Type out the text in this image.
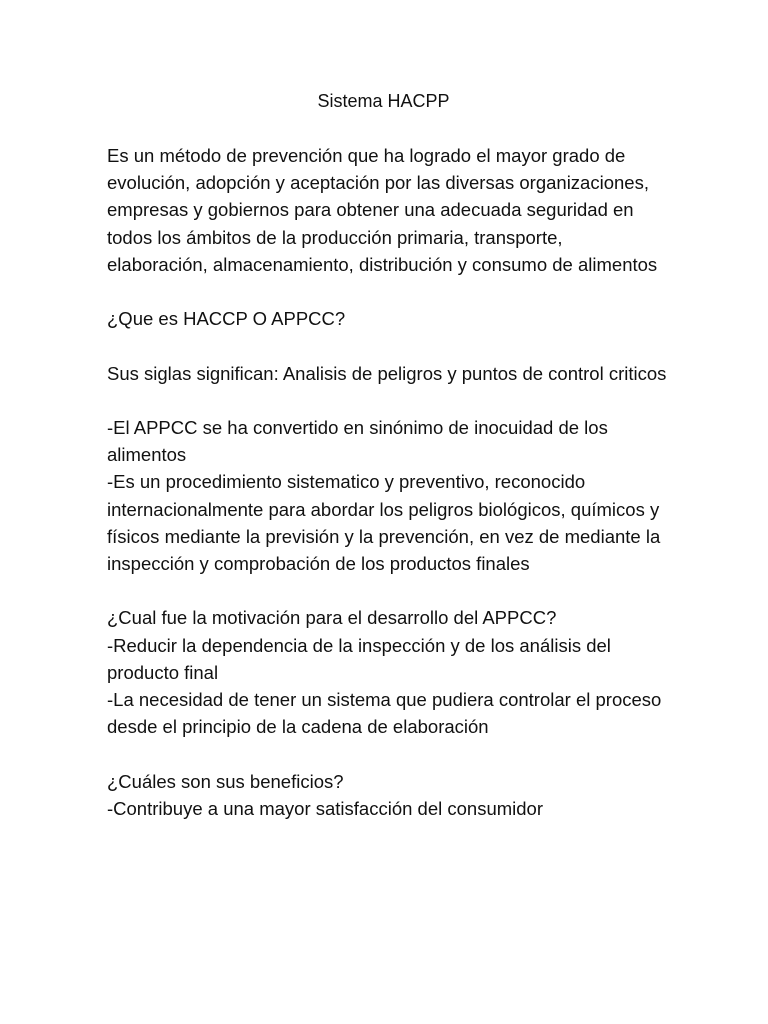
Sistema HACPP
Es un método de prevención que ha logrado el mayor grado de evolución, adopción y aceptación por las diversas organizaciones, empresas y gobiernos para obtener una adecuada seguridad en todos los ámbitos de la producción primaria, transporte, elaboración, almacenamiento, distribución y consumo de alimentos
¿Que es HACCP O APPCC?
Sus siglas significan: Analisis de peligros y puntos de control criticos
-El APPCC se ha convertido en sinónimo de inocuidad de los alimentos
-Es un procedimiento sistematico y preventivo, reconocido internacionalmente para abordar los peligros biológicos, químicos y físicos mediante la previsión y la prevención, en vez de mediante la inspección y comprobación de los productos finales
¿Cual fue la motivación para el desarrollo del APPCC?
-Reducir la dependencia de la inspección y de los análisis del producto final
-La necesidad de tener un sistema que pudiera controlar el proceso desde el principio de la cadena de elaboración
¿Cuáles son sus beneficios?
-Contribuye a una mayor satisfacción del consumidor
